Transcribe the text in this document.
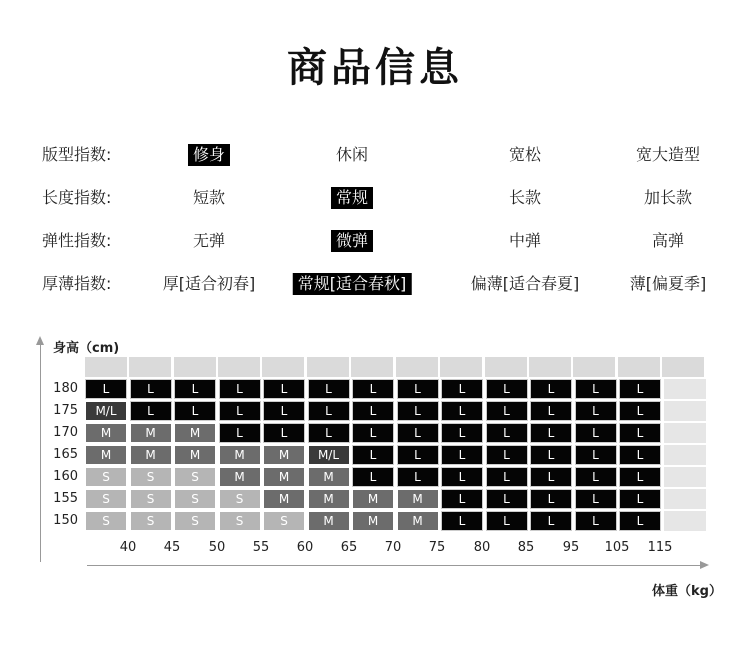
商品信息
版型指数:	修身	休闲	宽松	宽大造型
长度指数:	短款	常规	长款	加长款
弹性指数:	无弹	微弹	中弹	高弹
厚薄指数:	厚[适合初春]	常规[适合春秋]	偏薄[适合春夏]	薄[偏夏季]
身高（cm)
体重（kg）
180	L	L	L	L	L	L	L	L	L	L	L	L	L
175	M/L	L	L	L	L	L	L	L	L	L	L	L	L
170	M	M	M	L	L	L	L	L	L	L	L	L	L
165	M	M	M	M	M	M/L	L	L	L	L	L	L	L
160	S	S	S	M	M	M	L	L	L	L	L	L	L
155	S	S	S	S	M	M	M	M	L	L	L	L	L
150	S	S	S	S	S	M	M	M	L	L	L	L	L
40	45	50	55	60	65	70	75	80	85	95	105	115
